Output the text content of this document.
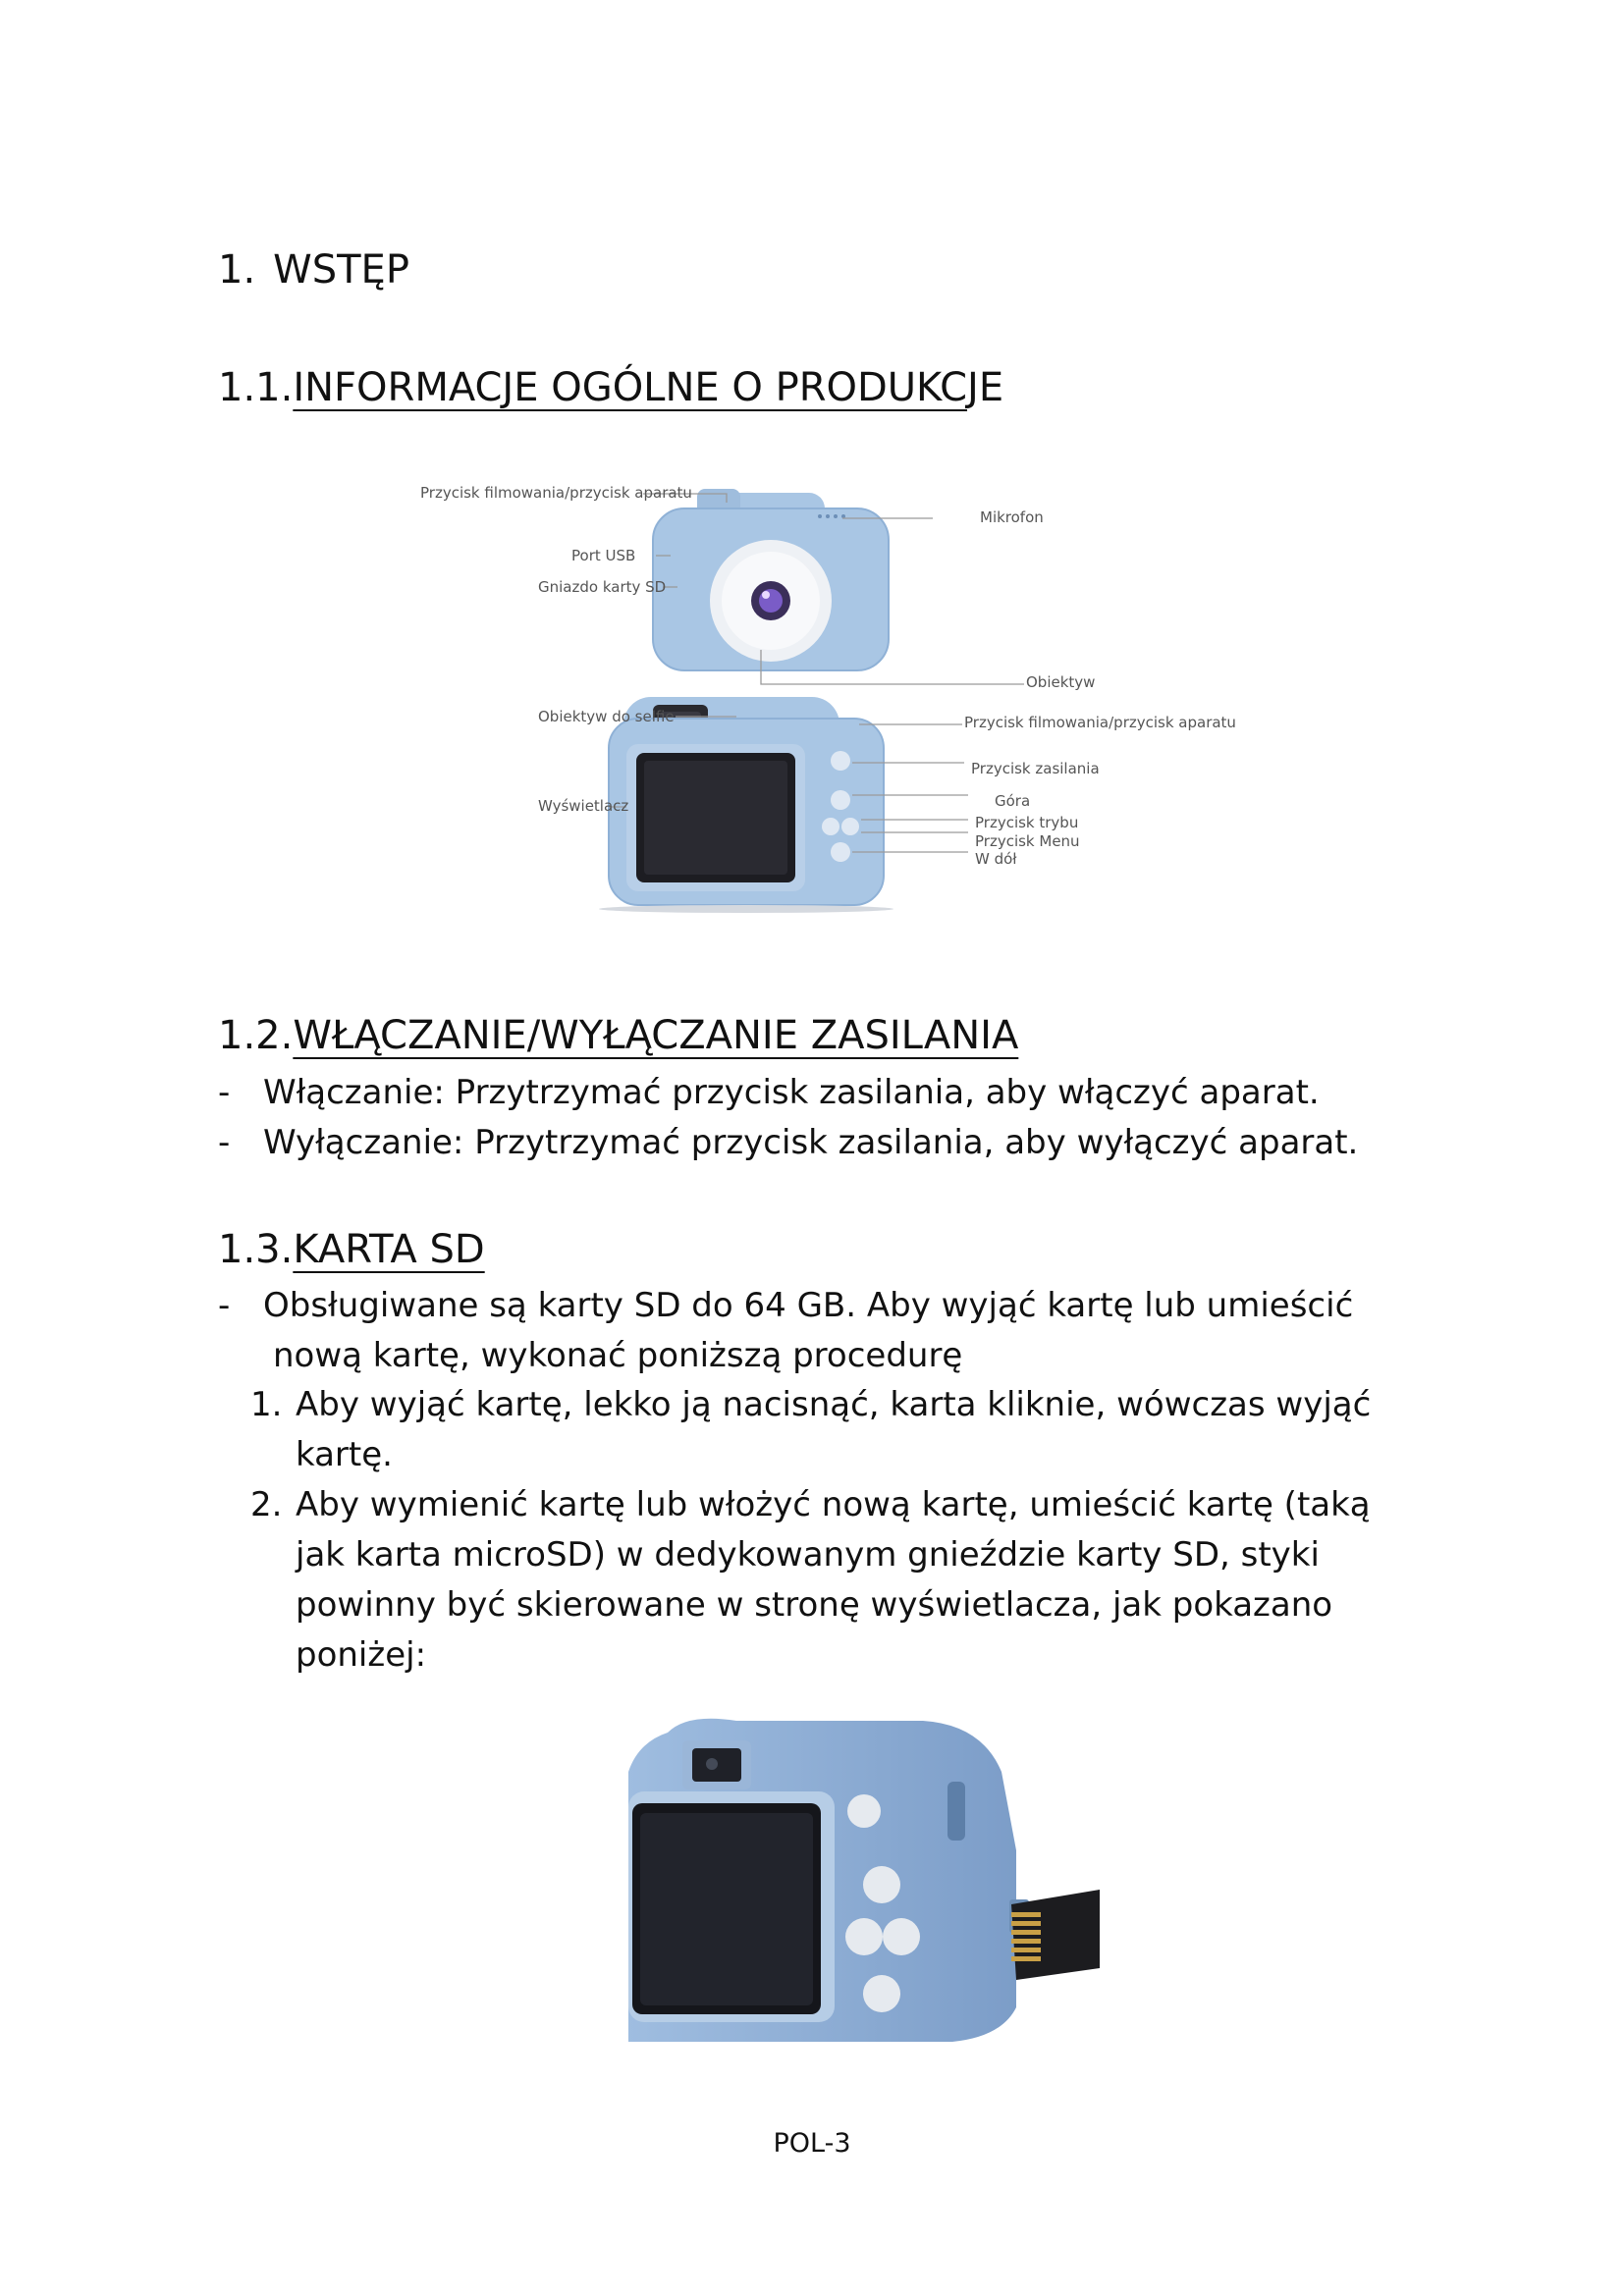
1. WSTĘP
1.1.INFORMACJE OGÓLNE O PRODUKCJE
Przycisk filmowania/przycisk aparatu
Port USB
Gniazdo karty SD
Mikrofon
Obiektyw
Obiektyw do selfie
Wyświetlacz
Przycisk filmowania/przycisk aparatu
Przycisk zasilania
Góra
Przycisk trybu
Przycisk Menu
W dół
1.2.WŁĄCZANIE/WYŁĄCZANIE ZASILANIA
- Włączanie: Przytrzymać przycisk zasilania, aby włączyć aparat.
- Wyłączanie: Przytrzymać przycisk zasilania, aby wyłączyć aparat.
1.3.KARTA SD
- Obsługiwane są karty SD do 64 GB. Aby wyjąć kartę lub umieścić
nową kartę, wykonać poniższą procedurę
1. Aby wyjąć kartę, lekko ją nacisnąć, karta kliknie, wówczas wyjąć
kartę.
2. Aby wymienić kartę lub włożyć nową kartę, umieścić kartę (taką
jak karta microSD) w dedykowanym gnieździe karty SD, styki
powinny być skierowane w stronę wyświetlacza, jak pokazano
poniżej:
POL-3
